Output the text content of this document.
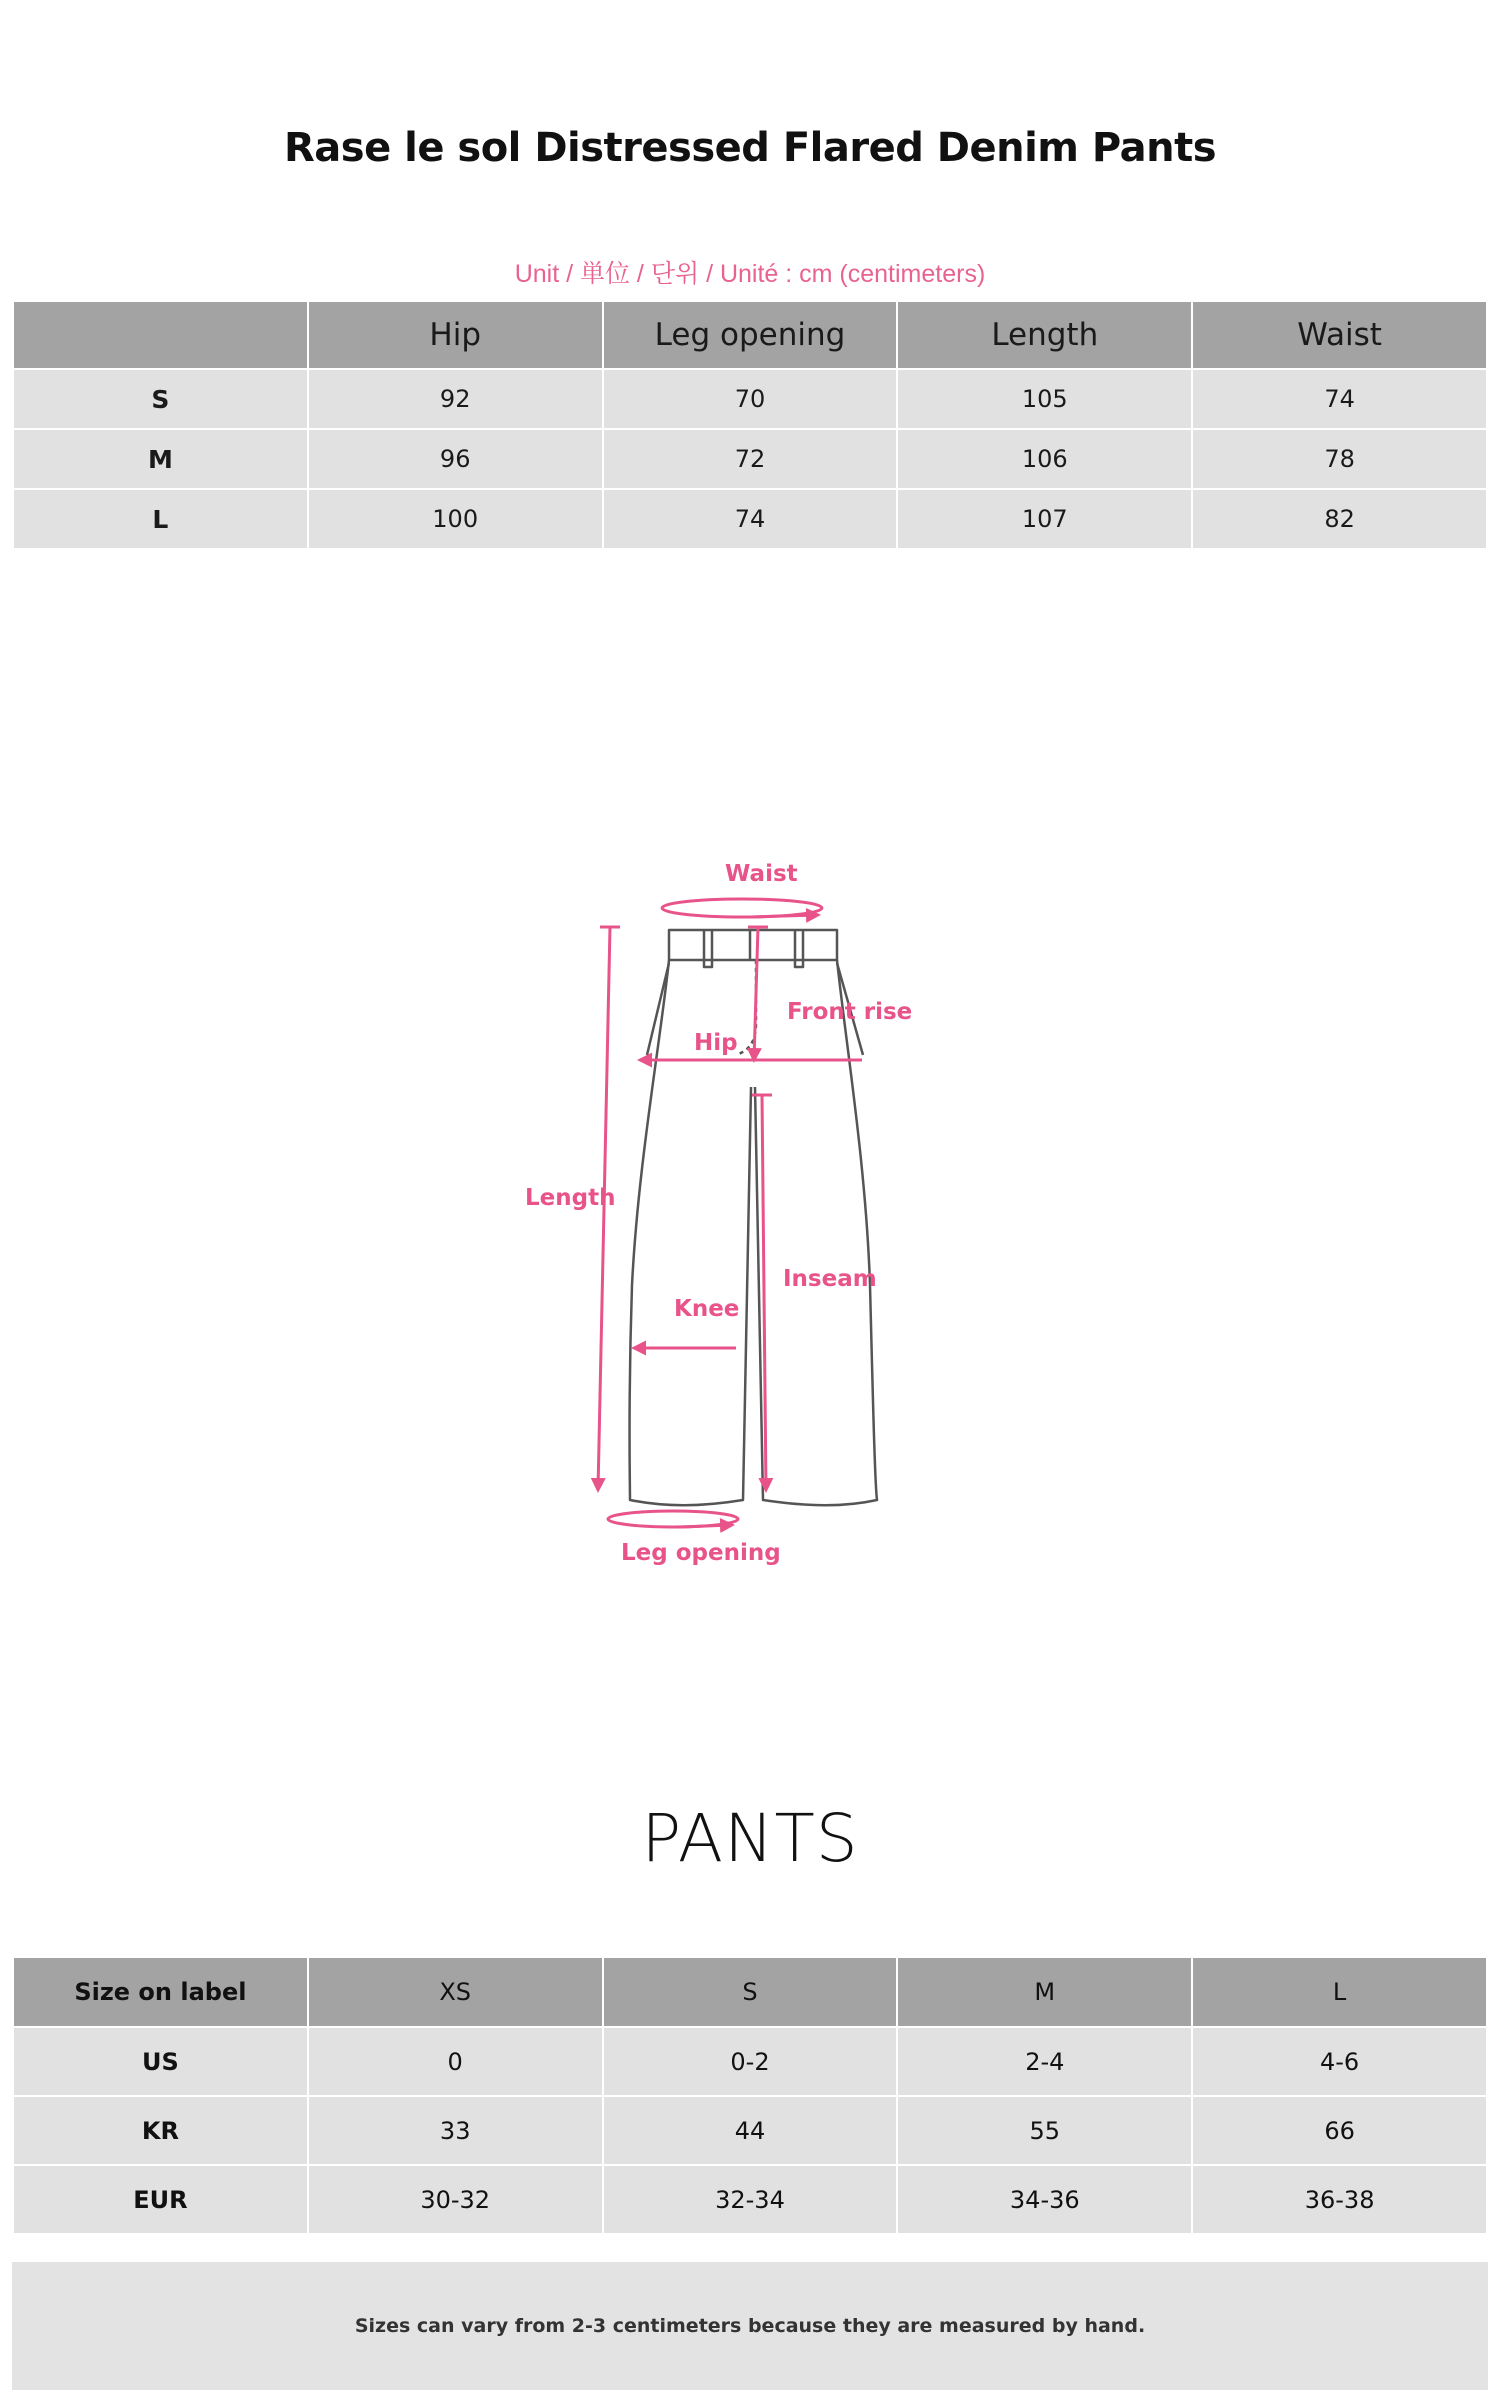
Rase le sol Distressed Flared Denim Pants
Unit / 単位 / 단위 / Unité : cm (centimeters)
	Hip	Leg opening	Length	Waist
S	92	70	105	74
M	96	72	106	78
L	100	74	107	82
Waist
Front rise
Hip
Length
Inseam
Knee
Leg opening
PANTS
Size on label	XS	S	M	L
US	0	0-2	2-4	4-6
KR	33	44	55	66
EUR	30-32	32-34	34-36	36-38
Sizes can vary from 2-3 centimeters because they are measured by hand.
